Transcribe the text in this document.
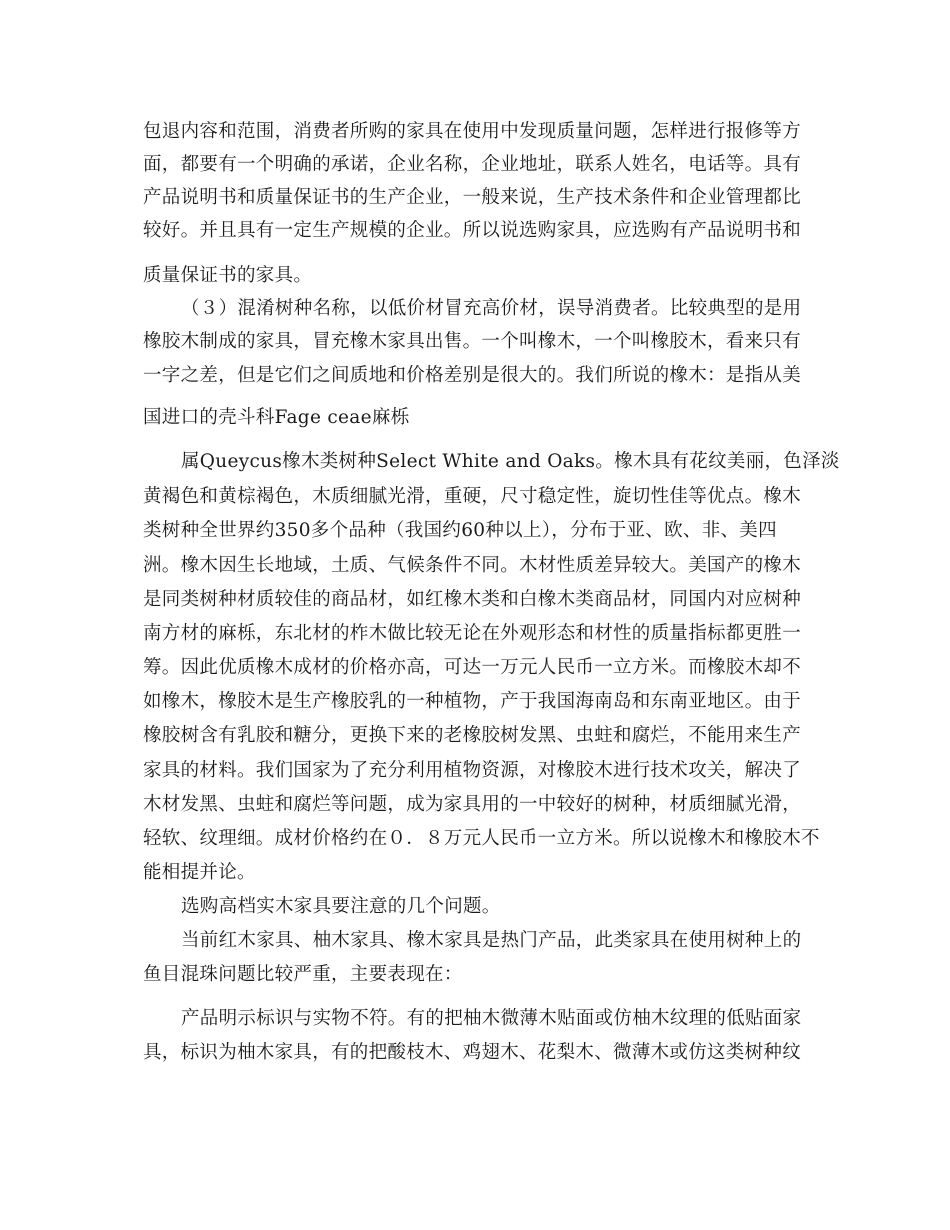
包退内容和范围，消费者所购的家具在使用中发现质量问题，怎样进行报修等方
面，都要有一个明确的承诺，企业名称，企业地址，联系人姓名，电话等。具有
产品说明书和质量保证书的生产企业，一般来说，生产技术条件和企业管理都比
较好。并且具有一定生产规模的企业。所以说选购家具，应选购有产品说明书和
质量保证书的家具。
（３）混淆树种名称，以低价材冒充高价材，误导消费者。比较典型的是用
橡胶木制成的家具，冒充橡木家具出售。一个叫橡木，一个叫橡胶木，看来只有
一字之差，但是它们之间质地和价格差别是很大的。我们所说的橡木：是指从美
国进口的壳斗科Fage ceae麻栎
属Queycus橡木类树种Select White and Oaks。橡木具有花纹美丽，色泽淡
黄褐色和黄棕褐色，木质细腻光滑，重硬，尺寸稳定性，旋切性佳等优点。橡木
类树种全世界约350多个品种（我国约60种以上），分布于亚、欧、非、美四
洲。橡木因生长地域，土质、气候条件不同。木材性质差异较大。美国产的橡木
是同类树种材质较佳的商品材，如红橡木类和白橡木类商品材，同国内对应树种
南方材的麻栎，东北材的柞木做比较无论在外观形态和材性的质量指标都更胜一
筹。因此优质橡木成材的价格亦高，可达一万元人民币一立方米。而橡胶木却不
如橡木，橡胶木是生产橡胶乳的一种植物，产于我国海南岛和东南亚地区。由于
橡胶树含有乳胶和糖分，更换下来的老橡胶树发黑、虫蛀和腐烂，不能用来生产
家具的材料。我们国家为了充分利用植物资源，对橡胶木进行技术攻关，解决了
木材发黑、虫蛀和腐烂等问题，成为家具用的一中较好的树种，材质细腻光滑，
轻软、纹理细。成材价格约在０．８万元人民币一立方米。所以说橡木和橡胶木不
能相提并论。
选购高档实木家具要注意的几个问题。
当前红木家具、柚木家具、橡木家具是热门产品，此类家具在使用树种上的
鱼目混珠问题比较严重，主要表现在：
产品明示标识与实物不符。有的把柚木微薄木贴面或仿柚木纹理的低贴面家
具，标识为柚木家具，有的把酸枝木、鸡翅木、花梨木、微薄木或仿这类树种纹
